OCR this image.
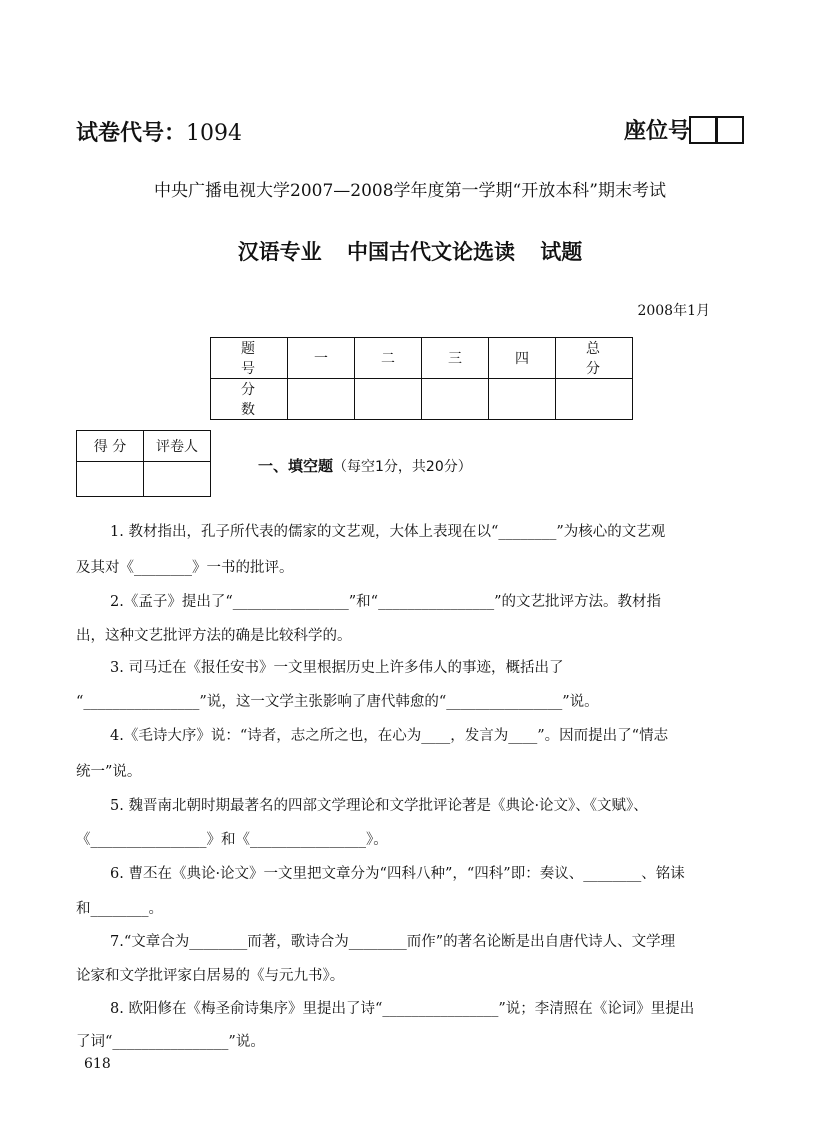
试卷代号：1094	座位号
中央广播电视大学2007—2008学年度第一学期“开放本科”期末考试
汉语专业 中国古代文论选读 试题
2008年1月
题 号	一	二	三	四	总 分
分 数					
得 分	评卷人

一、填空题（每空1分，共20分）
1. 教材指出，孔子所代表的儒家的文艺观，大体上表现在以“________”为核心的文艺观
及其对《________》一书的批评。
2.《孟子》提出了“________________”和“________________”的文艺批评方法。教材指
出，这种文艺批评方法的确是比较科学的。
3. 司马迁在《报任安书》一文里根据历史上许多伟人的事迹，概括出了
“________________”说，这一文学主张影响了唐代韩愈的“________________”说。
4.《毛诗大序》说：“诗者，志之所之也，在心为____，发言为____”。因而提出了“情志
统一”说。
5. 魏晋南北朝时期最著名的四部文学理论和文学批评论著是《典论·论文》、《文赋》、
《________________》和《________________》。
6. 曹丕在《典论·论文》一文里把文章分为“四科八种”，“四科”即：奏议、________、铭诔
和________。
7.“文章合为________而著，歌诗合为________而作”的著名论断是出自唐代诗人、文学理
论家和文学批评家白居易的《与元九书》。
8. 欧阳修在《梅圣俞诗集序》里提出了诗“________________”说；李清照在《论词》里提出
了词“________________”说。
618
